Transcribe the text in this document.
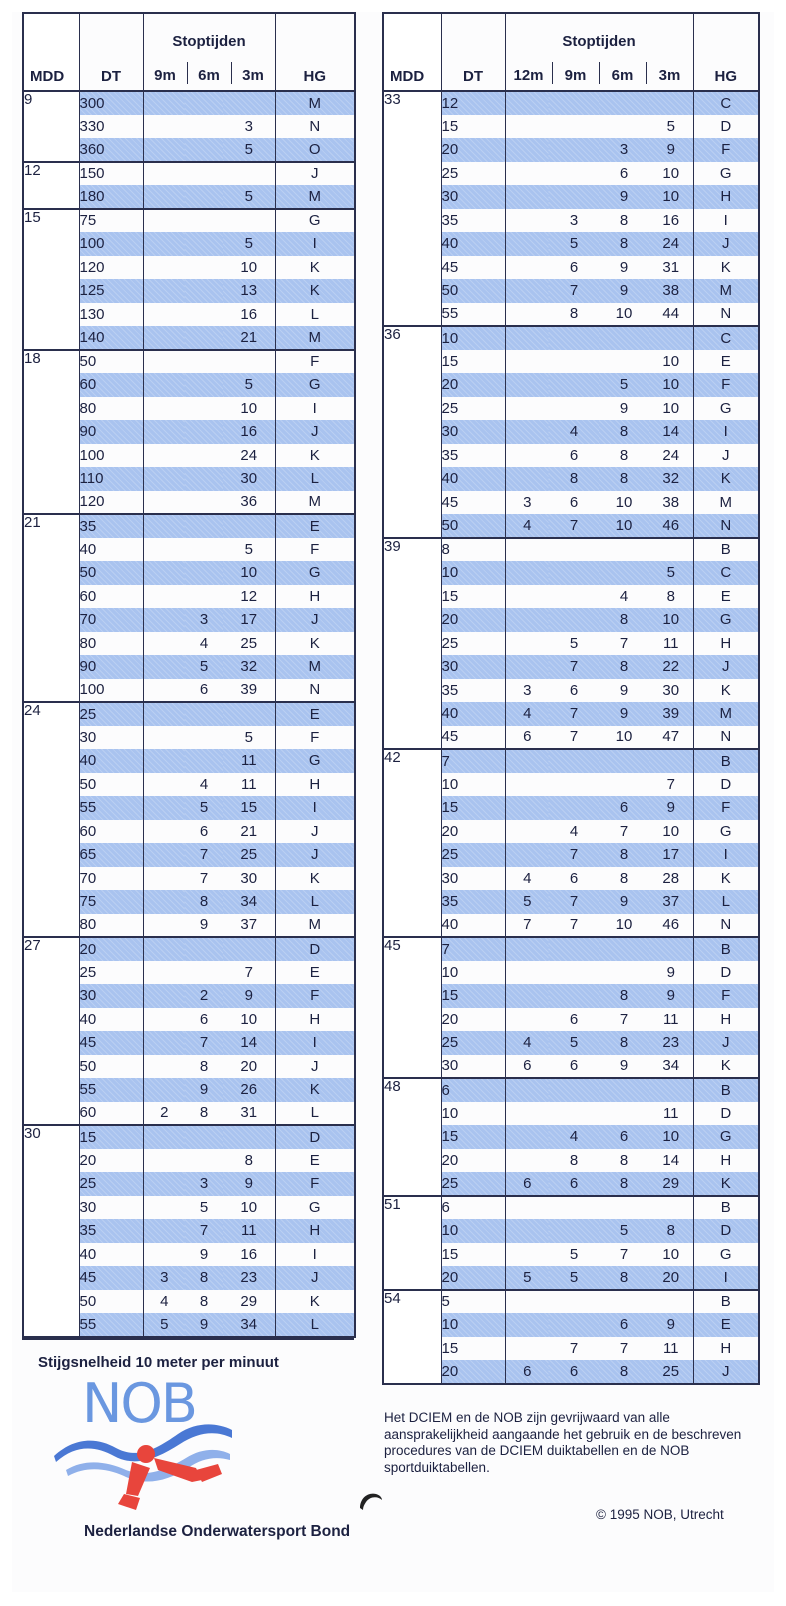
MDD	DT	Stoptijden
9m 6m 3m			HG
9	300				M
	330			3	N
	360			5	O
12	150				J
	180			5	M
15	75				G
	100			5	I
	120			10	K
	125			13	K
	130			16	L
	140			21	M
18	50				F
	60			5	G
	80			10	I
	90			16	J
	100			24	K
	110			30	L
	120			36	M
21	35				E
	40			5	F
	50			10	G
	60			12	H
	70		3	17	J
	80		4	25	K
	90		5	32	M
	100		6	39	N
24	25				E
	30			5	F
	40			11	G
	50		4	11	H
	55		5	15	I
	60		6	21	J
	65		7	25	J
	70		7	30	K
	75		8	34	L
	80		9	37	M
27	20				D
	25			7	E
	30		2	9	F
	40		6	10	H
	45		7	14	I
	50		8	20	J
	55		9	26	K
	60	2	8	31	L
30	15				D
	20			8	E
	25		3	9	F
	30		5	10	G
	35		7	11	H
	40		9	16	I
	45	3	8	23	J
	50	4	8	29	K
	55	5	9	34	L
MDD	DT	Stoptijden
12m 9m 6m 3m				HG
33	12					C
	15				5	D
	20			3	9	F
	25			6	10	G
	30			9	10	H
	35		3	8	16	I
	40		5	8	24	J
	45		6	9	31	K
	50		7	9	38	M
	55		8	10	44	N
36	10					C
	15				10	E
	20			5	10	F
	25			9	10	G
	30		4	8	14	I
	35		6	8	24	J
	40		8	8	32	K
	45	3	6	10	38	M
	50	4	7	10	46	N
39	8					B
	10				5	C
	15			4	8	E
	20			8	10	G
	25		5	7	11	H
	30		7	8	22	J
	35	3	6	9	30	K
	40	4	7	9	39	M
	45	6	7	10	47	N
42	7					B
	10				7	D
	15			6	9	F
	20		4	7	10	G
	25		7	8	17	I
	30	4	6	8	28	K
	35	5	7	9	37	L
	40	7	7	10	46	N
45	7					B
	10				9	D
	15			8	9	F
	20		6	7	11	H
	25	4	5	8	23	J
	30	6	6	9	34	K
48	6					B
	10				11	D
	15		4	6	10	G
	20		8	8	14	H
	25	6	6	8	29	K
51	6					B
	10			5	8	D
	15		5	7	10	G
	20	5	5	8	20	I
54	5					B
	10			6	9	E
	15		7	7	11	H
	20	6	6	8	25	J
Stijgsnelheid 10 meter per minuut
NOB
Nederlandse Onderwatersport Bond
Het DCIEM en de NOB zijn gevrijwaard van alle aansprakelijkheid aangaande het gebruik en de beschreven procedures van de DCIEM duiktabellen en de NOB sportduiktabellen.
© 1995 NOB, Utrecht
